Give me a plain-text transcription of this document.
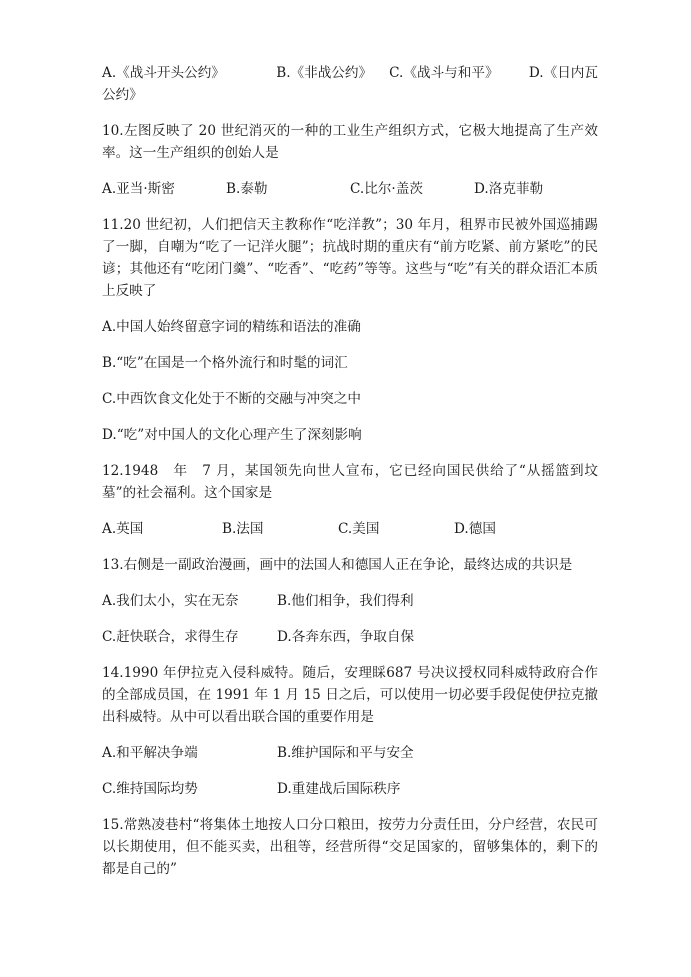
A.《战斗开头公约》	B.《非战公约》	C.《战斗与和平》	D.《日内瓦
公约》

10.左图反映了 20 世纪消灭的一种的工业生产组织方式，它极大地提高了生产效率。这一生产组织的创始人是

A.亚当·斯密	B.泰勒	C.比尔·盖茨	D.洛克菲勒

11.20 世纪初，人们把信天主教称作“吃洋教”；30 年月，租界市民被外国巡捕踢了一脚，自嘲为“吃了一记洋火腿”；抗战时期的重庆有“前方吃紧、前方紧吃”的民谚；其他还有“吃闭门羹”、“吃香”、“吃药”等等。这些与“吃”有关的群众语汇本质上反映了

A.中国人始终留意字词的精练和语法的准确

B.“吃”在国是一个格外流行和时髦的词汇

C.中西饮食文化处于不断的交融与冲突之中

D.“吃”对中国人的文化心理产生了深刻影响

12.1948　年　7 月，某国领先向世人宣布，它已经向国民供给了“从摇篮到坟墓”的社会福利。这个国家是

A.英国	B.法国	C.美国	D.德国

13.右侧是一副政治漫画，画中的法国人和德国人正在争论，最终达成的共识是

A.我们太小，实在无奈	B.他们相争，我们得利
C.赶快联合，求得生存	D.各奔东西，争取自保

14.1990 年伊拉克入侵科威特。随后，安理睬687 号决议授权同科威特政府合作的全部成员国，在 1991 年 1 月 15 日之后，可以使用一切必要手段促使伊拉克撤出科威特。从中可以看出联合国的重要作用是

A.和平解决争端	B.维护国际和平与安全
C.维持国际均势	D.重建战后国际秩序

15.常熟凌巷村“将集体土地按人口分口粮田，按劳力分责任田，分户经营，农民可以长期使用，但不能买卖，出租等，经营所得“交足国家的，留够集体的，剩下的都是自己的”
